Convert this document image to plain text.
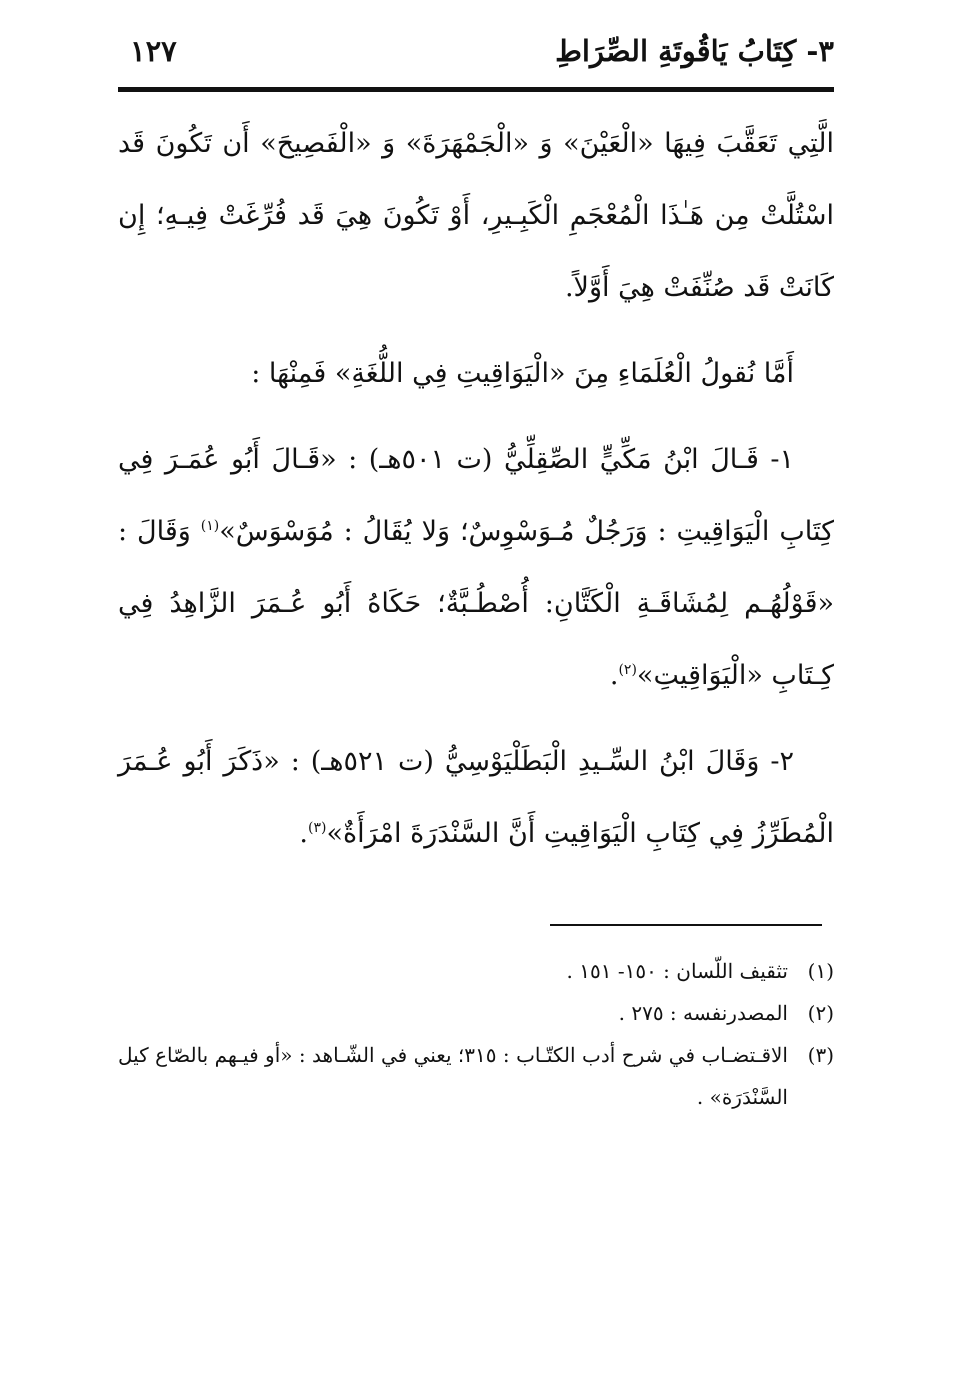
٣- كِتَابُ يَاقُوتَةِ الصِّرَاطِ
١٢٧

الَّتِي تَعَقَّبَ فِيهَا «الْعَيْنَ» وَ «الْجَمْهَرَةَ» وَ «الْفَصِيحَ» أَن تَكُونَ قَد اسْتُلَّتْ مِن هَـٰذَا الْمُعْجَمِ الْكَبِـيرِ، أَوْ تَكُونَ هِيَ قَد فُرِّغَتْ فِيـهِ؛ إِن كَانَتْ قَد صُنِّفَتْ هِيَ أَوَّلاً.

أَمَّا نُقولُ الْعُلَمَاءِ مِنَ «الْيَوَاقِيتِ فِي اللُّغَةِ» فَمِنْهَا :

١- قَـالَ ابْنُ مَكِّيٍّ الصِّقِلِّيُّ (ت ٥٠١هـ) : «قَـالَ أَبُو عُمَـرَ فِي كِتَابِ الْيَوَاقِيتِ : وَرَجُلٌ مُـوَسْوِسٌ؛ وَلا يُقَالُ : مُوَسْوَسٌ»$^{(١)}$ وَقَالَ : «قَوْلُهُـم لِمُشَاقَـةِ الْكَتَّانِ: أُصْطُـبَّةٌ؛ حَكَاهُ أَبُو عُـمَرَ الزَّاهِدُ فِي كِـتَابِ «الْيَوَاقِيتِ»$^{(٢)}$.

٢- وَقَالَ ابْنُ السِّـيدِ الْبَطَلْيَوْسِيُّ (ت ٥٢١هـ) : «ذَكَرَ أَبُو عُـمَرَ الْمُطَرِّزُ فِي كِتَابِ الْيَوَاقِيتِ أَنَّ السَّنْدَرَةَ امْرَأَةٌ»$^{(٣)}$.

(١)
تثقيف اللّسان : ١٥٠- ١٥١ .
(٢)
المصدرنفسه : ٢٧٥ .
(٣)
الاقـتضـاب في شرح أدب الكتّـاب : ٣١٥؛ يعني في الشّـاهد : «أو فيـهم بالصّاع كيل السَّنْدَرَة» .
